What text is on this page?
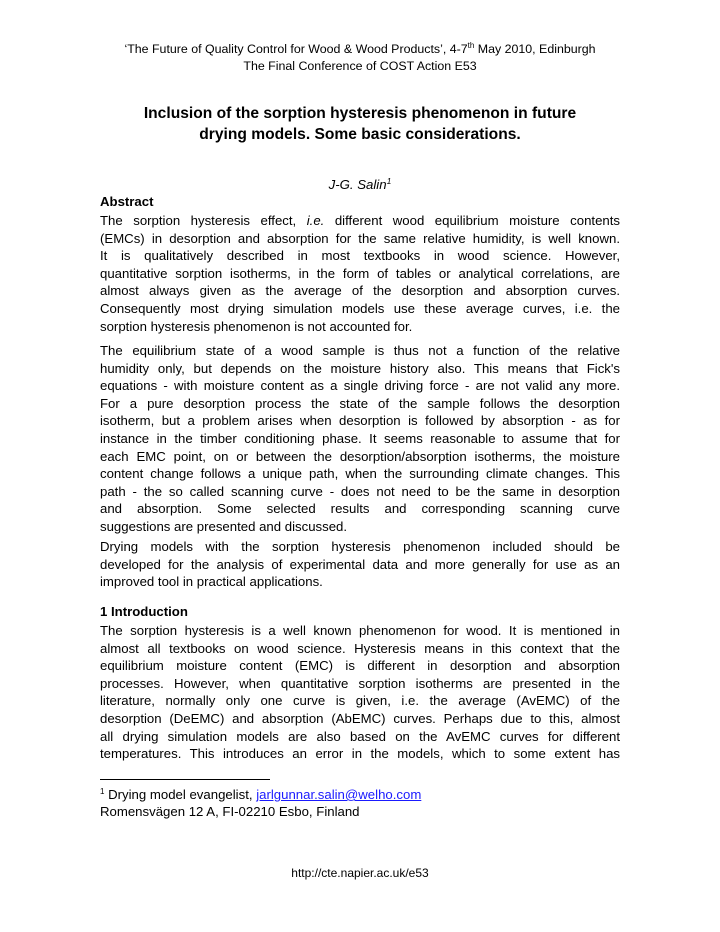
‘The Future of Quality Control for Wood & Wood Products’, 4-7th May 2010, Edinburgh
The Final Conference of COST Action E53
Inclusion of the sorption hysteresis phenomenon in future
drying models. Some basic considerations.
J-G. Salin$^1$
Abstract
The sorption hysteresis effect, i.e. different wood equilibrium moisture contents
(EMCs) in desorption and absorption for the same relative humidity, is well known.
It is qualitatively described in most textbooks in wood science. However,
quantitative sorption isotherms, in the form of tables or analytical correlations, are
almost always given as the average of the desorption and absorption curves.
Consequently most drying simulation models use these average curves, i.e. the
sorption hysteresis phenomenon is not accounted for.
The equilibrium state of a wood sample is thus not a function of the relative
humidity only, but depends on the moisture history also. This means that Fick's
equations - with moisture content as a single driving force - are not valid any more.
For a pure desorption process the state of the sample follows the desorption
isotherm, but a problem arises when desorption is followed by absorption - as for
instance in the timber conditioning phase. It seems reasonable to assume that for
each EMC point, on or between the desorption/absorption isotherms, the moisture
content change follows a unique path, when the surrounding climate changes. This
path - the so called scanning curve - does not need to be the same in desorption
and absorption. Some selected results and corresponding scanning curve
suggestions are presented and discussed.
Drying models with the sorption hysteresis phenomenon included should be
developed for the analysis of experimental data and more generally for use as an
improved tool in practical applications.
1 Introduction
The sorption hysteresis is a well known phenomenon for wood. It is mentioned in
almost all textbooks on wood science. Hysteresis means in this context that the
equilibrium moisture content (EMC) is different in desorption and absorption
processes. However, when quantitative sorption isotherms are presented in the
literature, normally only one curve is given, i.e. the average (AvEMC) of the
desorption (DeEMC) and absorption (AbEMC) curves. Perhaps due to this, almost
all drying simulation models are also based on the AvEMC curves for different
temperatures. This introduces an error in the models, which to some extent has
$^1$ Drying model evangelist, jarlgunnar.salin@welho.com
Romensvägen 12 A, FI-02210 Esbo, Finland
http://cte.napier.ac.uk/e53
